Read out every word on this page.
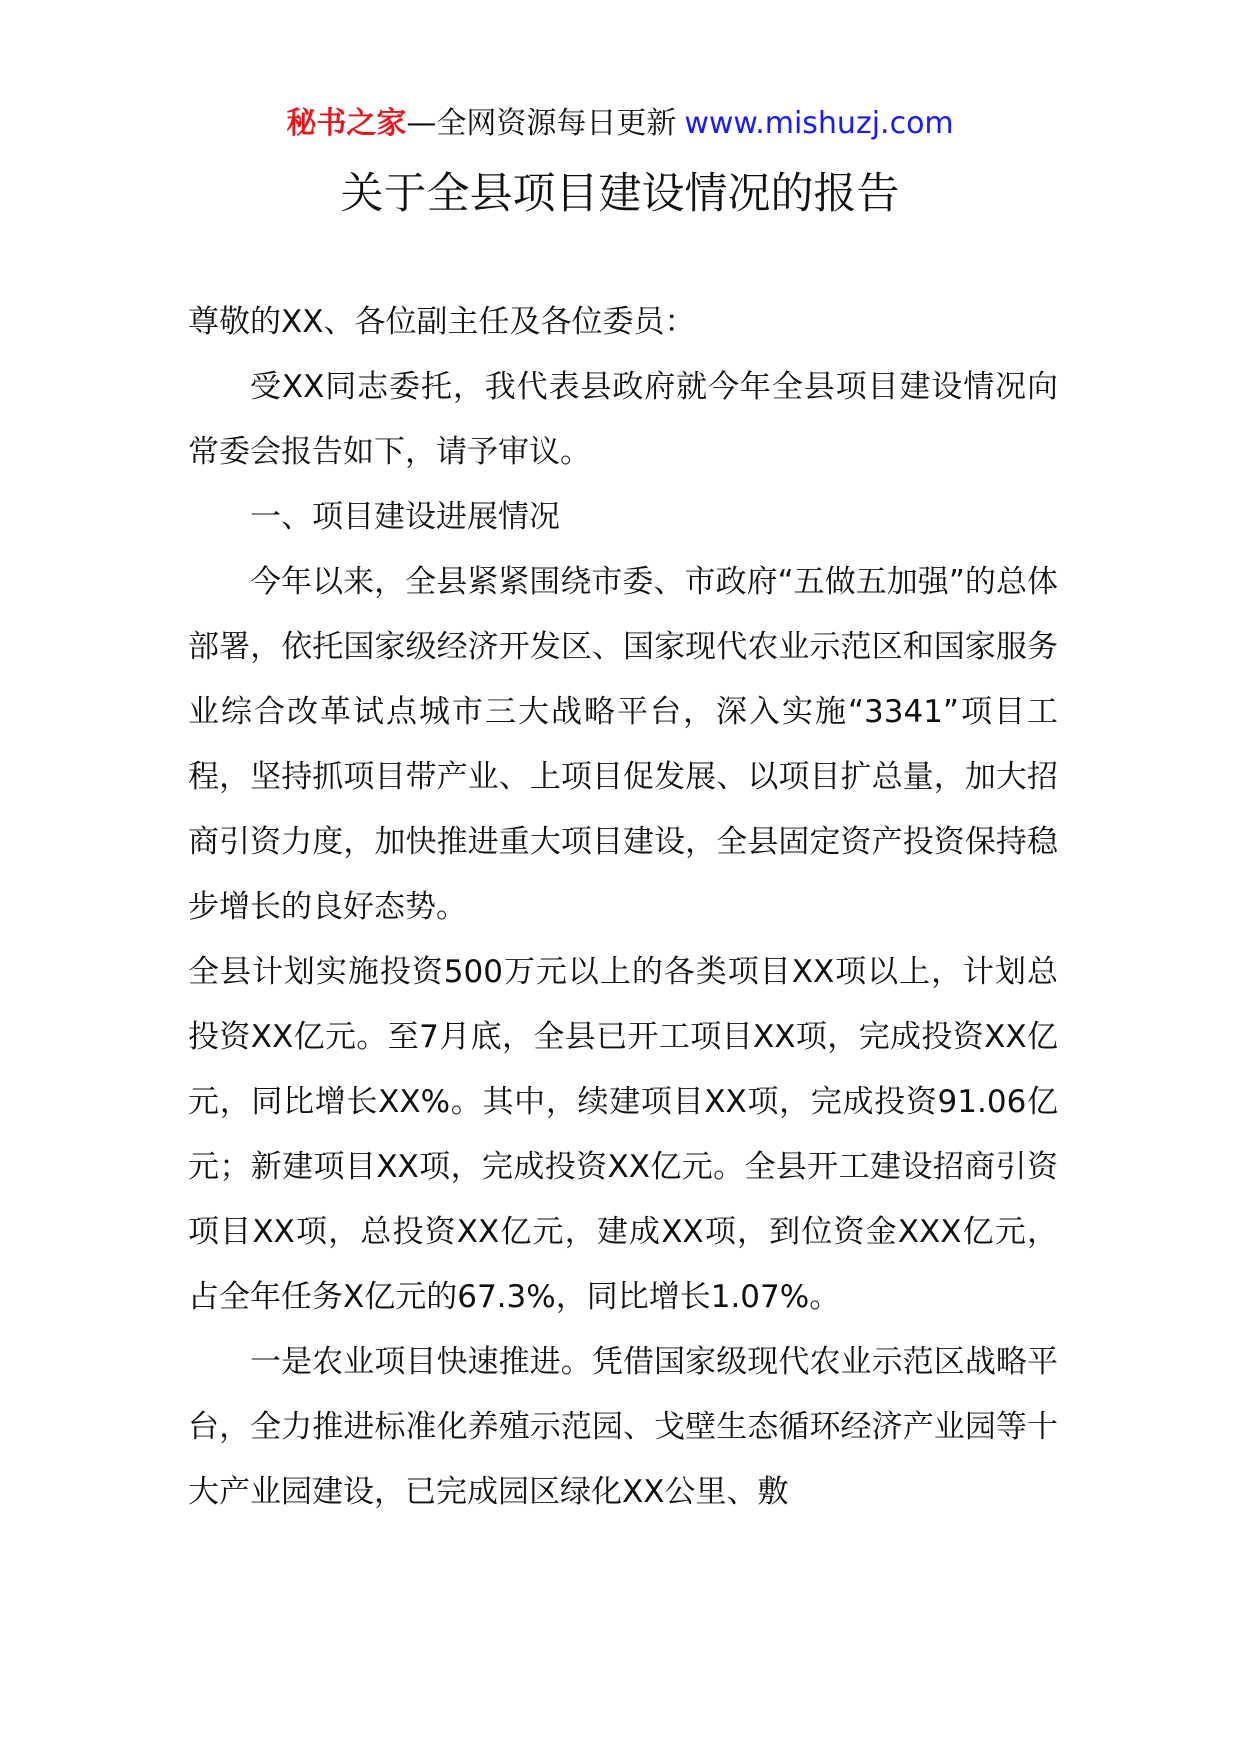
秘书之家—全网资源每日更新 www.mishuzj.com
关于全县项目建设情况的报告

尊敬的XX、各位副主任及各位委员：

受XX同志委托，我代表县政府就今年全县项目建设情况向常委会报告如下，请予审议。

一、项目建设进展情况

今年以来，全县紧紧围绕市委、市政府“五做五加强”的总体部署，依托国家级经济开发区、国家现代农业示范区和国家服务业综合改革试点城市三大战略平台，深入实施“3341”项目工程，坚持抓项目带产业、上项目促发展、以项目扩总量，加大招商引资力度，加快推进重大项目建设，全县固定资产投资保持稳步增长的良好态势。

全县计划实施投资500万元以上的各类项目XX项以上，计划总投资XX亿元。至7月底，全县已开工项目XX项，完成投资XX亿元，同比增长XX%。其中，续建项目XX项，完成投资91.06亿元；新建项目XX项，完成投资XX亿元。全县开工建设招商引资项目XX项，总投资XX亿元，建成XX项，到位资金XXX亿元，占全年任务X亿元的67.3%，同比增长1.07%。

一是农业项目快速推进。凭借国家级现代农业示范区战略平台，全力推进标准化养殖示范园、戈壁生态循环经济产业园等十大产业园建设，已完成园区绿化XX公里、敷
